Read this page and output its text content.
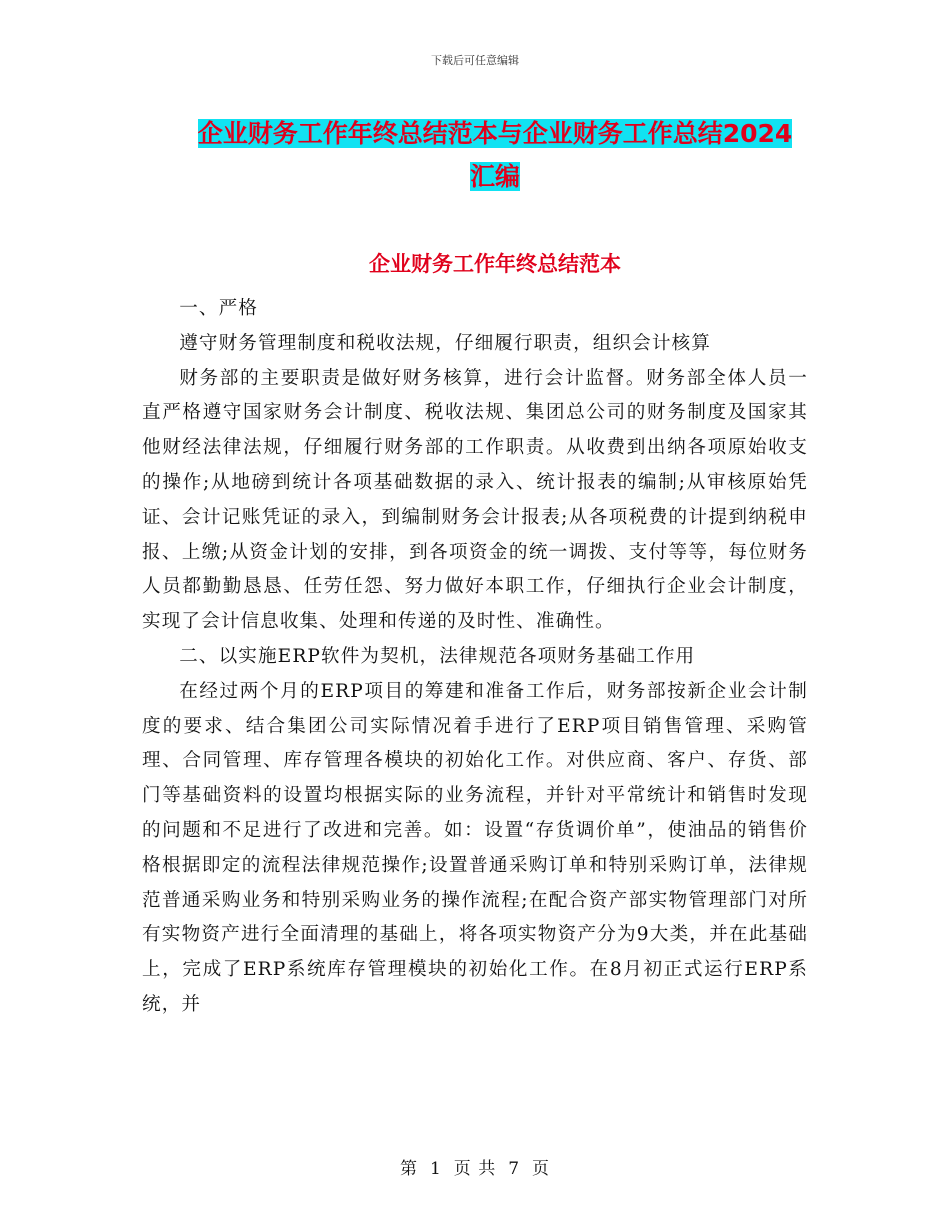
下载后可任意编辑
企业财务工作年终总结范本与企业财务工作总结2024
汇编
企业财务工作年终总结范本

一、严格

遵守财务管理制度和税收法规，仔细履行职责，组织会计核算

财务部的主要职责是做好财务核算，进行会计监督。财务部全体人员一直严格遵守国家财务会计制度、税收法规、集团总公司的财务制度及国家其他财经法律法规，仔细履行财务部的工作职责。从收费到出纳各项原始收支的操作;从地磅到统计各项基础数据的录入、统计报表的编制;从审核原始凭证、会计记账凭证的录入，到编制财务会计报表;从各项税费的计提到纳税申报、上缴;从资金计划的安排，到各项资金的统一调拨、支付等等，每位财务人员都勤勤恳恳、任劳任怨、努力做好本职工作，仔细执行企业会计制度，实现了会计信息收集、处理和传递的及时性、准确性。

二、以实施ERP软件为契机，法律规范各项财务基础工作用

在经过两个月的ERP项目的筹建和准备工作后，财务部按新企业会计制度的要求、结合集团公司实际情况着手进行了ERP项目销售管理、采购管理、合同管理、库存管理各模块的初始化工作。对供应商、客户、存货、部门等基础资料的设置均根据实际的业务流程，并针对平常统计和销售时发现的问题和不足进行了改进和完善。如：设置“存货调价单”，使油品的销售价格根据即定的流程法律规范操作;设置普通采购订单和特别采购订单，法律规范普通采购业务和特别采购业务的操作流程;在配合资产部实物管理部门对所有实物资产进行全面清理的基础上，将各项实物资产分为9大类，并在此基础上，完成了ERP系统库存管理模块的初始化工作。在8月初正式运行ERP系统，并

第 1 页 共 7 页
